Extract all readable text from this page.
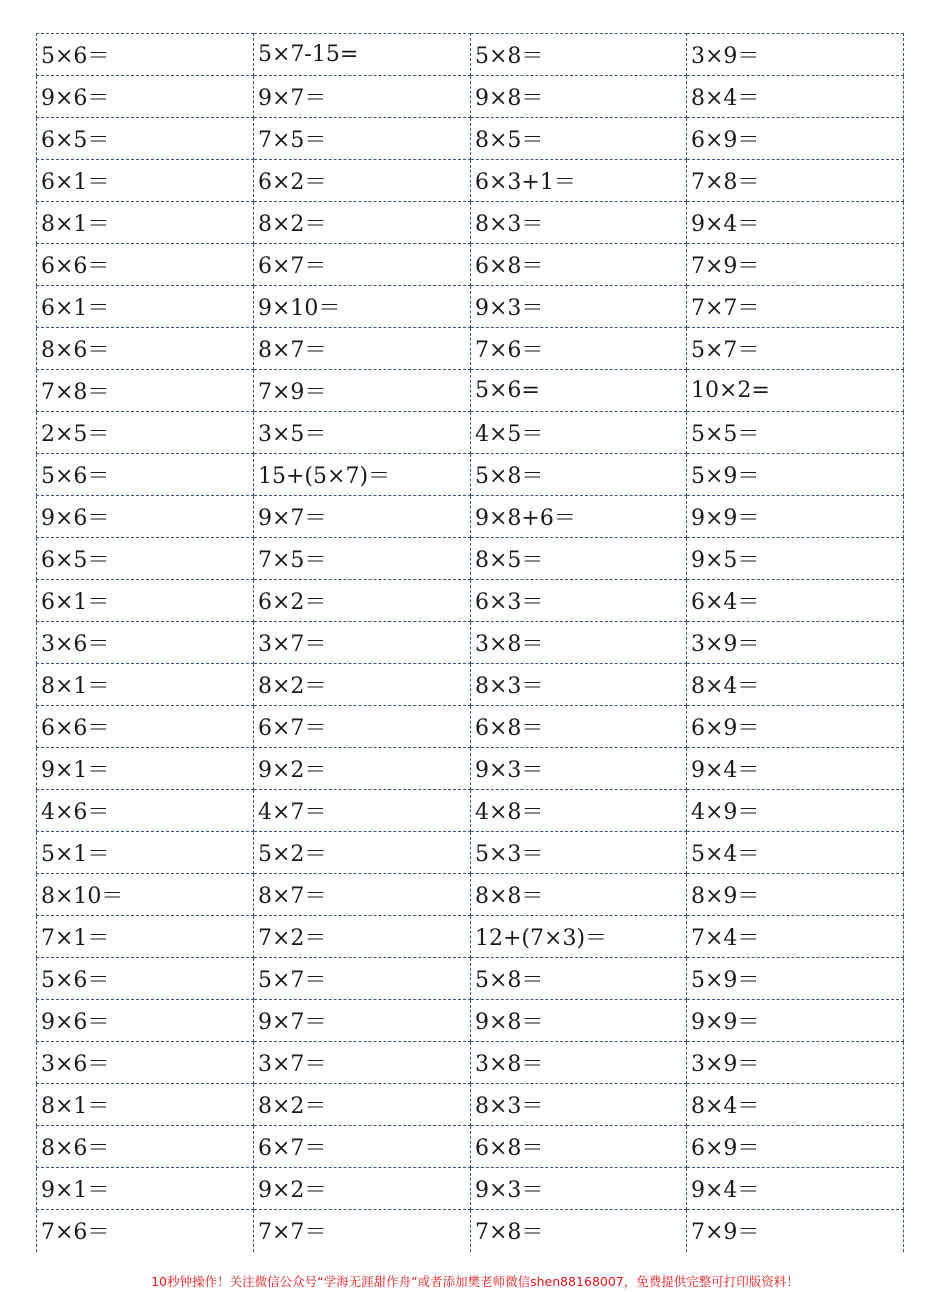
5×6＝	5×7-15=	5×8＝	3×9＝
9×6＝	9×7＝	9×8＝	8×4＝
6×5＝	7×5＝	8×5＝	6×9＝
6×1＝	6×2＝	6×3+1＝	7×8＝
8×1＝	8×2＝	8×3＝	9×4＝
6×6＝	6×7＝	6×8＝	7×9＝
6×1＝	9×10＝	9×3＝	7×7＝
8×6＝	8×7＝	7×6＝	5×7＝
7×8＝	7×9＝	5×6=	10×2=
2×5＝	3×5＝	4×5＝	5×5＝
5×6＝	15+(5×7)＝	5×8＝	5×9＝
9×6＝	9×7＝	9×8+6＝	9×9＝
6×5＝	7×5＝	8×5＝	9×5＝
6×1＝	6×2＝	6×3＝	6×4＝
3×6＝	3×7＝	3×8＝	3×9＝
8×1＝	8×2＝	8×3＝	8×4＝
6×6＝	6×7＝	6×8＝	6×9＝
9×1＝	9×2＝	9×3＝	9×4＝
4×6＝	4×7＝	4×8＝	4×9＝
5×1＝	5×2＝	5×3＝	5×4＝
8×10＝	8×7＝	8×8＝	8×9＝
7×1＝	7×2＝	12+(7×3)＝	7×4＝
5×6＝	5×7＝	5×8＝	5×9＝
9×6＝	9×7＝	9×8＝	9×9＝
3×6＝	3×7＝	3×8＝	3×9＝
8×1＝	8×2＝	8×3＝	8×4＝
8×6＝	6×7＝	6×8＝	6×9＝
9×1＝	9×2＝	9×3＝	9×4＝
7×6＝	7×7＝	7×8＝	7×9＝
10秒钟操作！关注微信公众号“学海无涯甜作舟”或者添加樊老师微信shen88168007，免费提供完整可打印版资料！
